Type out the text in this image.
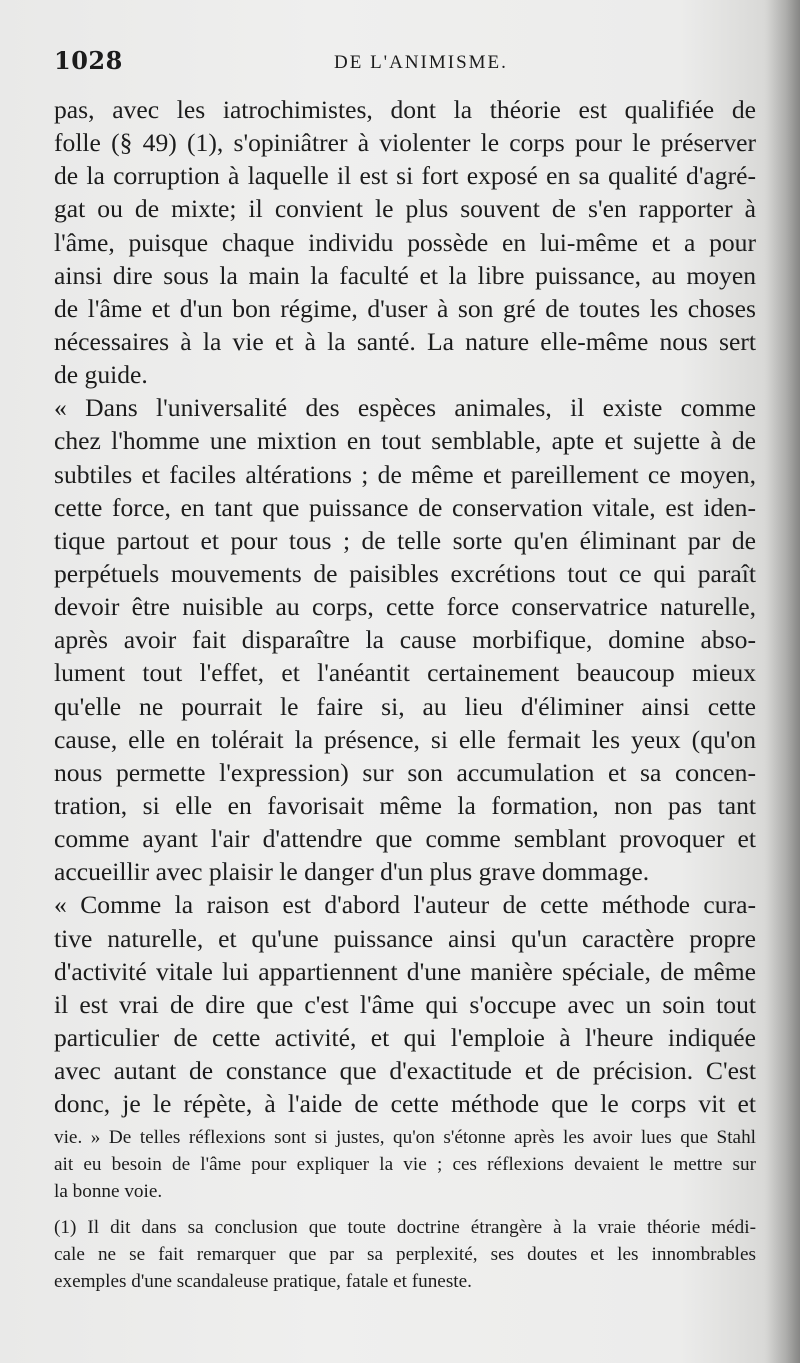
1028	DE L'ANIMISME.
pas, avec les iatrochimistes, dont la théorie est qualifiée de
folle (§ 49) (1), s'opiniâtrer à violenter le corps pour le préserver
de la corruption à laquelle il est si fort exposé en sa qualité d'agré-
gat ou de mixte; il convient le plus souvent de s'en rapporter à
l'âme, puisque chaque individu possède en lui-même et a pour
ainsi dire sous la main la faculté et la libre puissance, au moyen
de l'âme et d'un bon régime, d'user à son gré de toutes les choses
nécessaires à la vie et à la santé. La nature elle-même nous sert
de guide.
« Dans l'universalité des espèces animales, il existe comme
chez l'homme une mixtion en tout semblable, apte et sujette à de
subtiles et faciles altérations ; de même et pareillement ce moyen,
cette force, en tant que puissance de conservation vitale, est iden-
tique partout et pour tous ; de telle sorte qu'en éliminant par de
perpétuels mouvements de paisibles excrétions tout ce qui paraît
devoir être nuisible au corps, cette force conservatrice naturelle,
après avoir fait disparaître la cause morbifique, domine abso-
lument tout l'effet, et l'anéantit certainement beaucoup mieux
qu'elle ne pourrait le faire si, au lieu d'éliminer ainsi cette
cause, elle en tolérait la présence, si elle fermait les yeux (qu'on
nous permette l'expression) sur son accumulation et sa concen-
tration, si elle en favorisait même la formation, non pas tant
comme ayant l'air d'attendre que comme semblant provoquer et
accueillir avec plaisir le danger d'un plus grave dommage.
« Comme la raison est d'abord l'auteur de cette méthode cura-
tive naturelle, et qu'une puissance ainsi qu'un caractère propre
d'activité vitale lui appartiennent d'une manière spéciale, de même
il est vrai de dire que c'est l'âme qui s'occupe avec un soin tout
particulier de cette activité, et qui l'emploie à l'heure indiquée
avec autant de constance que d'exactitude et de précision. C'est
donc, je le répète, à l'aide de cette méthode que le corps vit et
vie. » De telles réflexions sont si justes, qu'on s'étonne après les avoir lues que Stahl
ait eu besoin de l'âme pour expliquer la vie ; ces réflexions devaient le mettre sur
la bonne voie.
(1) Il dit dans sa conclusion que toute doctrine étrangère à la vraie théorie médi-
cale ne se fait remarquer que par sa perplexité, ses doutes et les innombrables
exemples d'une scandaleuse pratique, fatale et funeste.
